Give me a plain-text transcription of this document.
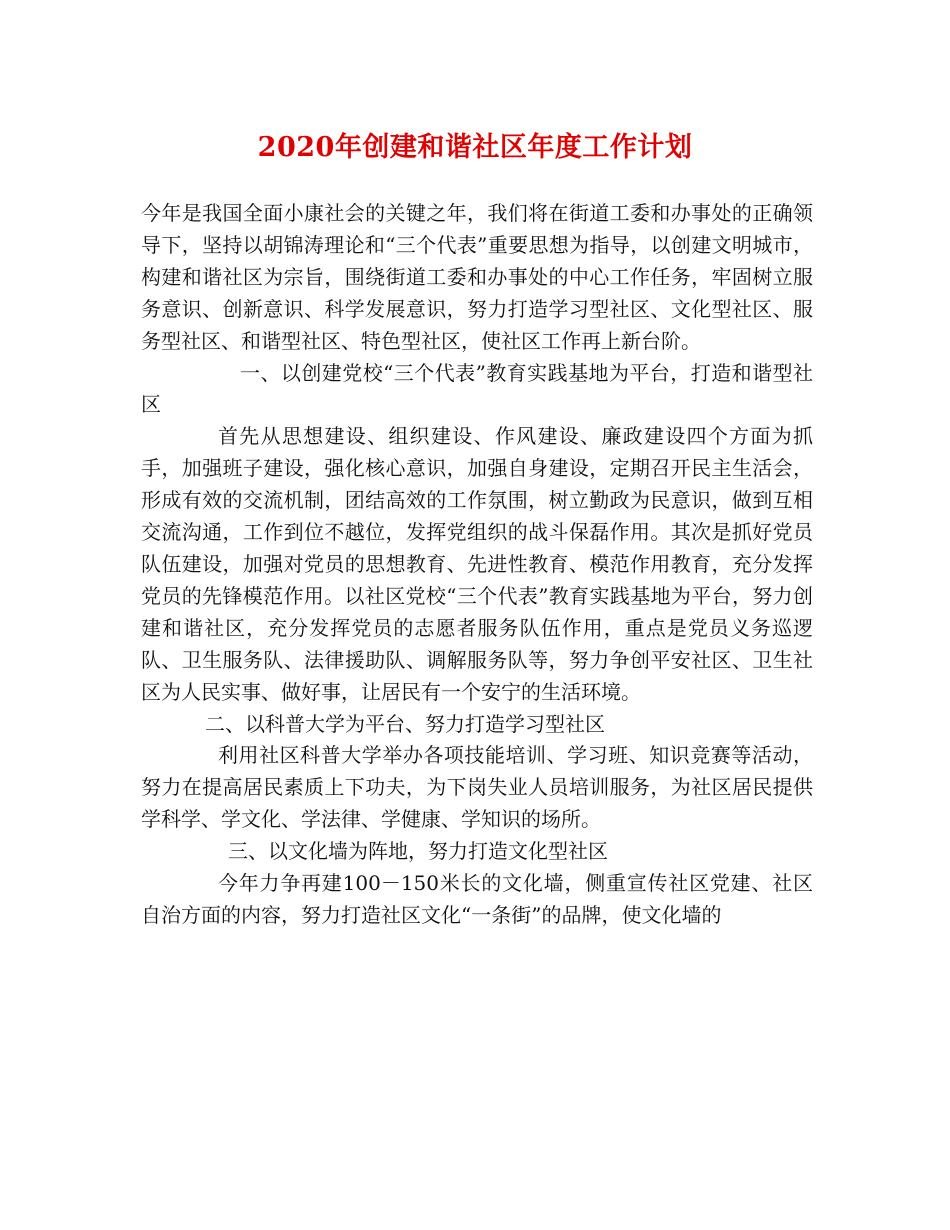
2020年创建和谐社区年度工作计划

今年是我国全面小康社会的关键之年，我们将在街道工委和办事处的正确领导下，坚持以胡锦涛理论和“三个代表”重要思想为指导，以创建文明城市，构建和谐社区为宗旨，围绕街道工委和办事处的中心工作任务，牢固树立服务意识、创新意识、科学发展意识，努力打造学习型社区、文化型社区、服务型社区、和谐型社区、特色型社区，使社区工作再上新台阶。

一、以创建党校“三个代表”教育实践基地为平台，打造和谐型社区

首先从思想建设、组织建设、作风建设、廉政建设四个方面为抓手，加强班子建设，强化核心意识，加强自身建设，定期召开民主生活会，形成有效的交流机制，团结高效的工作氛围，树立勤政为民意识，做到互相交流沟通，工作到位不越位，发挥党组织的战斗保磊作用。其次是抓好党员队伍建设，加强对党员的思想教育、先进性教育、模范作用教育，充分发挥党员的先锋模范作用。以社区党校“三个代表”教育实践基地为平台，努力创建和谐社区，充分发挥党员的志愿者服务队伍作用，重点是党员义务巡逻队、卫生服务队、法律援助队、调解服务队等，努力争创平安社区、卫生社区为人民实事、做好事，让居民有一个安宁的生活环境。

二、以科普大学为平台、努力打造学习型社区

利用社区科普大学举办各项技能培训、学习班、知识竞赛等活动，努力在提高居民素质上下功夫，为下岗失业人员培训服务，为社区居民提供学科学、学文化、学法律、学健康、学知识的场所。

三、以文化墙为阵地，努力打造文化型社区

今年力争再建100－150米长的文化墙，侧重宣传社区党建、社区自治方面的内容，努力打造社区文化“一条街”的品牌，使文化墙的
